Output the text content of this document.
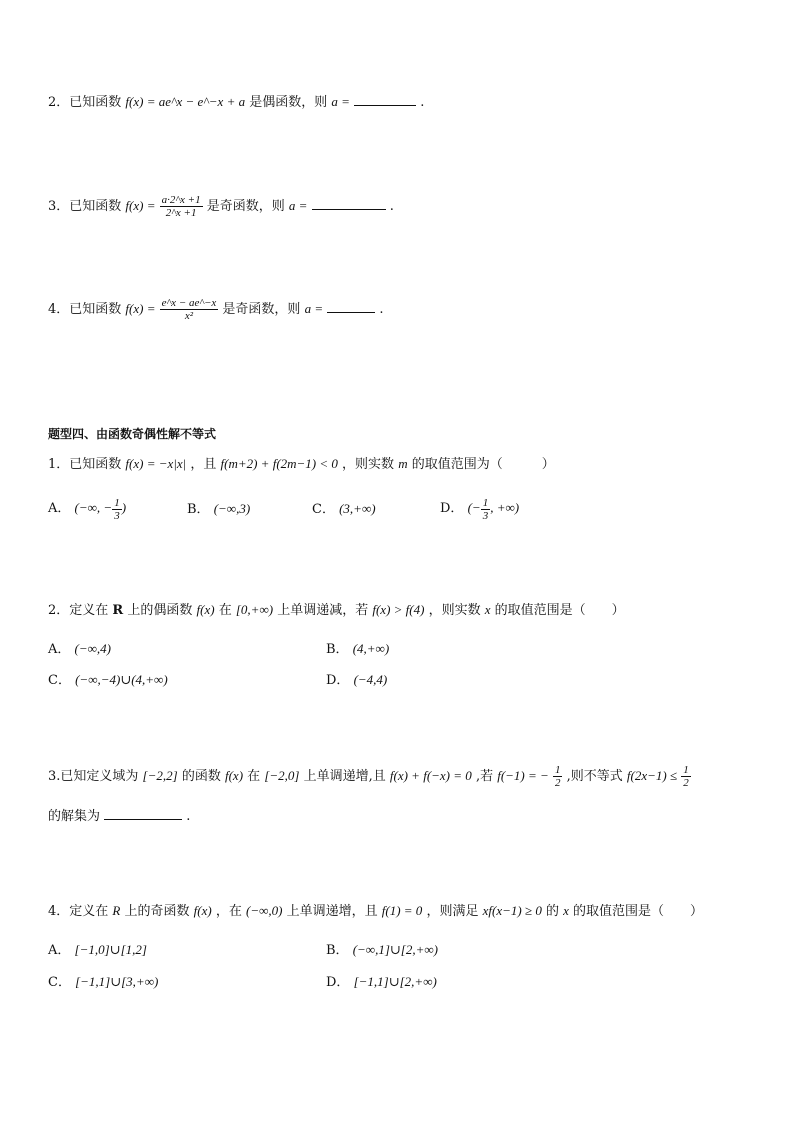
2．已知函数 f(x) = ae^x − e^−x + a 是偶函数，则 a =	.
3．已知函数 $f(x) = \frac{a\cdot 2\^{}x +1}{2\^{}x +1}$ 是奇函数，则 a =	.
4．已知函数 $f(x) = \frac{e\^{}x - ae\^{}-x}{\text{x²}}$ 是奇函数，则 a =	.
题型四、由函数奇偶性解不等式
1．已知函数 f(x) = −x|x| ，且 f(m+2) + f(2m−1) < 0 ，则实数 m 的取值范围为（　　　）
A． (−∞, − $\frac{1}{3}$ )	B． (−∞,3)	C． (3,+∞)	D． (− $\frac{1}{3}$ , +∞)
2．定义在 R 上的偶函数 f(x) 在 [0,+∞) 上单调递减，若 f(x) > f(4) ，则实数 x 的取值范围是（　　）
A． (−∞,4)	B． (4,+∞)
C． (−∞,−4)∪(4,+∞)	D． (−4,4)
3.已知定义域为 [−2,2] 的函数 f(x) 在 [−2,0] 上单调递增,且 f(x) + f(−x) = 0 ,若 f(−1) = − $\frac{1}{2}$ ,则不等式 $f(2x-1) \le \frac{1}{2}$
的解集为	.
4．定义在 R 上的奇函数 f(x) ，在 (−∞,0) 上单调递增，且 f(1) = 0 ，则满足 xf(x−1) ≥ 0 的 x 的取值范围是（　　）
A． [−1,0]∪[1,2]	B． (−∞,1]∪[2,+∞)
C． [−1,1]∪[3,+∞)	D． [−1,1]∪[2,+∞)
